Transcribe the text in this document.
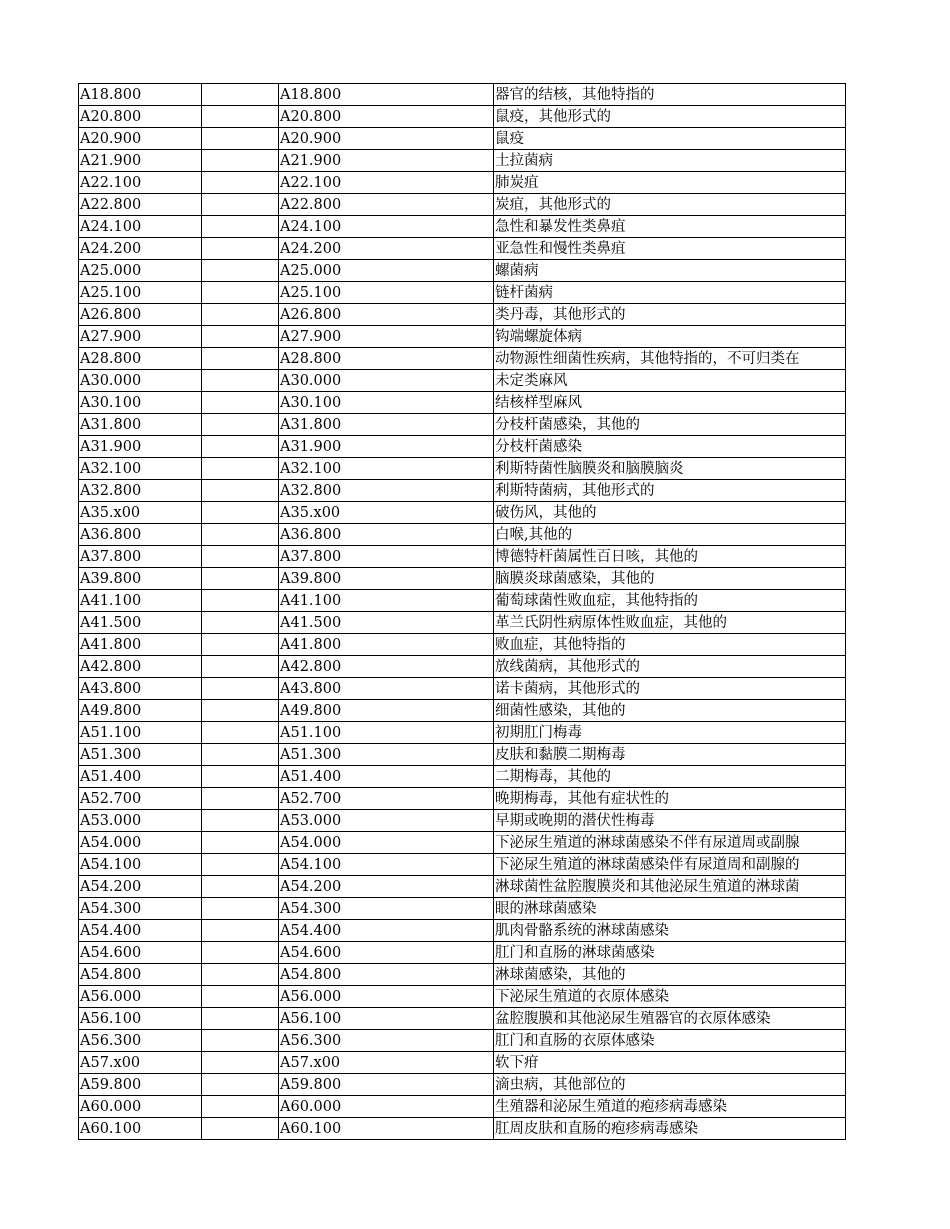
A18.800		A18.800	器官的结核，其他特指的
A20.800		A20.800	鼠疫，其他形式的
A20.900		A20.900	鼠疫
A21.900		A21.900	土拉菌病
A22.100		A22.100	肺炭疽
A22.800		A22.800	炭疽，其他形式的
A24.100		A24.100	急性和暴发性类鼻疽
A24.200		A24.200	亚急性和慢性类鼻疽
A25.000		A25.000	螺菌病
A25.100		A25.100	链杆菌病
A26.800		A26.800	类丹毒，其他形式的
A27.900		A27.900	钩端螺旋体病
A28.800		A28.800	动物源性细菌性疾病，其他特指的，不可归类在
A30.000		A30.000	未定类麻风
A30.100		A30.100	结核样型麻风
A31.800		A31.800	分枝杆菌感染，其他的
A31.900		A31.900	分枝杆菌感染
A32.100		A32.100	利斯特菌性脑膜炎和脑膜脑炎
A32.800		A32.800	利斯特菌病，其他形式的
A35.x00		A35.x00	破伤风，其他的
A36.800		A36.800	白喉,其他的
A37.800		A37.800	博德特杆菌属性百日咳，其他的
A39.800		A39.800	脑膜炎球菌感染，其他的
A41.100		A41.100	葡萄球菌性败血症，其他特指的
A41.500		A41.500	革兰氏阴性病原体性败血症，其他的
A41.800		A41.800	败血症，其他特指的
A42.800		A42.800	放线菌病，其他形式的
A43.800		A43.800	诺卡菌病，其他形式的
A49.800		A49.800	细菌性感染，其他的
A51.100		A51.100	初期肛门梅毒
A51.300		A51.300	皮肤和黏膜二期梅毒
A51.400		A51.400	二期梅毒，其他的
A52.700		A52.700	晚期梅毒，其他有症状性的
A53.000		A53.000	早期或晚期的潜伏性梅毒
A54.000		A54.000	下泌尿生殖道的淋球菌感染不伴有尿道周或副腺
A54.100		A54.100	下泌尿生殖道的淋球菌感染伴有尿道周和副腺的
A54.200		A54.200	淋球菌性盆腔腹膜炎和其他泌尿生殖道的淋球菌
A54.300		A54.300	眼的淋球菌感染
A54.400		A54.400	肌肉骨骼系统的淋球菌感染
A54.600		A54.600	肛门和直肠的淋球菌感染
A54.800		A54.800	淋球菌感染，其他的
A56.000		A56.000	下泌尿生殖道的衣原体感染
A56.100		A56.100	盆腔腹膜和其他泌尿生殖器官的衣原体感染
A56.300		A56.300	肛门和直肠的衣原体感染
A57.x00		A57.x00	软下疳
A59.800		A59.800	滴虫病，其他部位的
A60.000		A60.000	生殖器和泌尿生殖道的疱疹病毒感染
A60.100		A60.100	肛周皮肤和直肠的疱疹病毒感染
